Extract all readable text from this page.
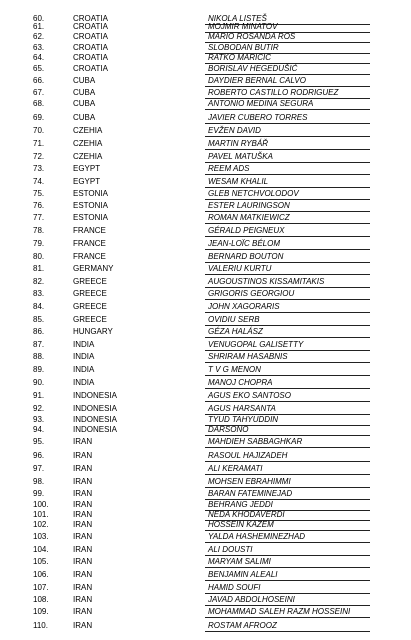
60.	CROATIA	NIKOLA LISTEŠ
61.	CROATIA	MOJMIR MINATOV
62.	CROATIA	MARIO ROSANDA ROS
63.	CROATIA	SLOBODAN BUTIR
64.	CROATIA	RATKO MARICIC
65.	CROATIA	BORISLAV HEGEDUŠIĆ
66.	CUBA	DAYDIER BERNAL CALVO
67.	CUBA	ROBERTO CASTILLO RODRIGUEZ
68.	CUBA	ANTONIO MEDINA SEGURA
69.	CUBA	JAVIER CUBERO TORRES
70.	CZEHIA	EVŽEN DAVID
71.	CZEHIA	MARTIN RYBÁŘ
72.	CZEHIA	PAVEL MATUŠKA
73.	EGYPT	REEM ADS
74.	EGYPT	WESAM KHALIL
75.	ESTONIA	GLEB NETCHVOLODOV
76.	ESTONIA	ESTER LAURINGSON
77.	ESTONIA	ROMAN MATKIEWICZ
78.	FRANCE	GÉRALD PEIGNEUX
79.	FRANCE	JEAN-LOÏC BÉLOM
80.	FRANCE	BERNARD BOUTON
81.	GERMANY	VALERIU KURTU
82.	GREECE	AUGOUSTINOS KISSAMITAKIS
83.	GREECE	GRIGORIS GEORGIOU
84.	GREECE	JOHN XAGORARIS
85.	GREECE	OVIDIU SERB
86.	HUNGARY	GÉZA HALÁSZ
87.	INDIA	VENUGOPAL GALISETTY
88.	INDIA	SHRIRAM HASABNIS
89.	INDIA	T V G MENON
90.	INDIA	MANOJ CHOPRA
91.	INDONESIA	AGUS EKO SANTOSO
92.	INDONESIA	AGUS HARSANTA
93.	INDONESIA	TYUD TAHYUDDIN
94.	INDONESIA	DARSONO
95.	IRAN	MAHDIEH SABBAGHKAR
96.	IRAN	RASOUL HAJIZADEH
97.	IRAN	ALI KERAMATI
98.	IRAN	MOHSEN EBRAHIMMI
99.	IRAN	BARAN FATEMINEJAD
100.	IRAN	BEHRANG JEDDI
101.	IRAN	NEDA KHODAVERDI
102.	IRAN	HOSSEIN KAZEM
103.	IRAN	YALDA HASHEMINEZHAD
104.	IRAN	ALI DOUSTI
105.	IRAN	MARYAM SALIMI
106.	IRAN	BENJAMIN ALEALI
107.	IRAN	HAMID SOUFI
108.	IRAN	JAVAD ABDOLHOSEINI
109.	IRAN	MOHAMMAD SALEH RAZM HOSSEINI
110.	IRAN	ROSTAM AFROOZ
